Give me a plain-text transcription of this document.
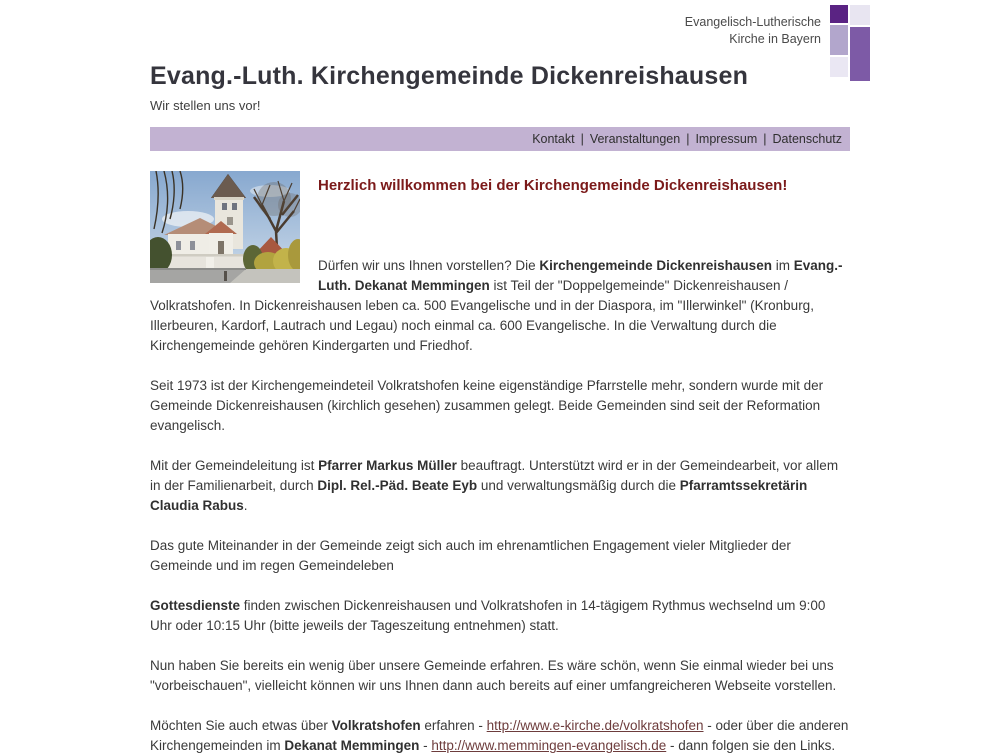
Evangelisch-Lutherische
Kirche in Bayern
Evang.-Luth. Kirchengemeinde Dickenreishausen
Wir stellen uns vor!
Kontakt | Veranstaltungen | Impressum | Datenschutz
Herzlich willkommen bei der Kirchengemeinde Dickenreishausen!

Dürfen wir uns Ihnen vorstellen? Die Kirchengemeinde Dickenreishausen im Evang.-Luth. Dekanat Memmingen ist Teil der "Doppelgemeinde" Dickenreishausen / Volkratshofen. In Dickenreishausen leben ca. 500 Evangelische und in der Diaspora, im "Illerwinkel" (Kronburg, Illerbeuren, Kardorf, Lautrach und Legau) noch einmal ca. 600 Evangelische. In die Verwaltung durch die Kirchengemeinde gehören Kindergarten und Friedhof.

Seit 1973 ist der Kirchengemeindeteil Volkratshofen keine eigenständige Pfarrstelle mehr, sondern wurde mit der Gemeinde Dickenreishausen (kirchlich gesehen) zusammen gelegt. Beide Gemeinden sind seit der Reformation evangelisch.

Mit der Gemeindeleitung ist Pfarrer Markus Müller beauftragt. Unterstützt wird er in der Gemeindearbeit, vor allem in der Familienarbeit, durch Dipl. Rel.-Päd. Beate Eyb und verwaltungsmäßig durch die Pfarramtssekretärin Claudia Rabus.

Das gute Miteinander in der Gemeinde zeigt sich auch im ehrenamtlichen Engagement vieler Mitglieder der Gemeinde und im regen Gemeindeleben

Gottesdienste finden zwischen Dickenreishausen und Volkratshofen in 14-tägigem Rythmus wechselnd um 9:00 Uhr oder 10:15 Uhr (bitte jeweils der Tageszeitung entnehmen) statt.

Nun haben Sie bereits ein wenig über unsere Gemeinde erfahren. Es wäre schön, wenn Sie einmal wieder bei uns "vorbeischauen", vielleicht können wir uns Ihnen dann auch bereits auf einer umfangreicheren Webseite vorstellen.

Möchten Sie auch etwas über Volkratshofen erfahren - http://www.e-kirche.de/volkratshofen - oder über die anderen Kirchengemeinden im Dekanat Memmingen - http://www.memmingen-evangelisch.de - dann folgen sie den Links.
